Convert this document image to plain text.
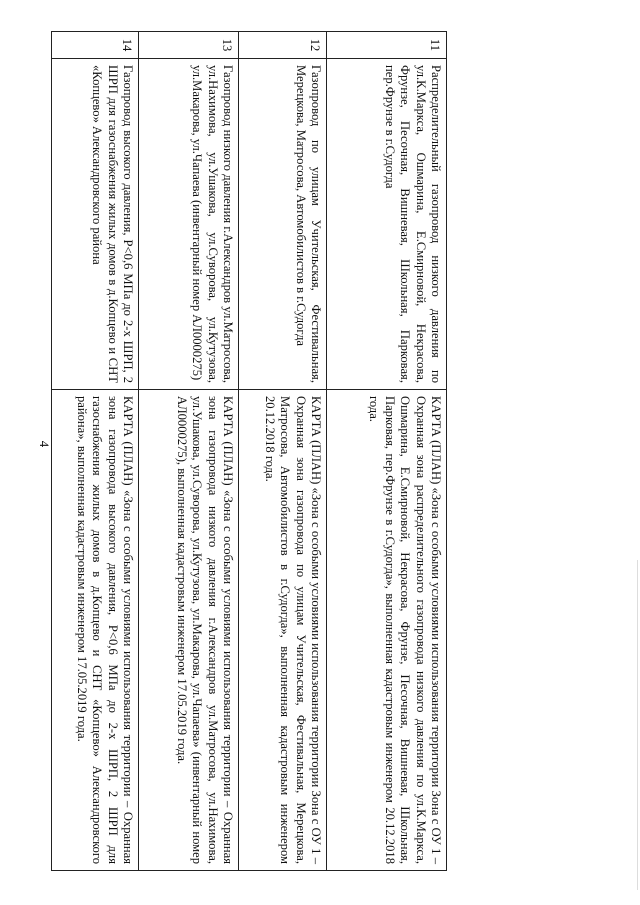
4
11	Распределительный газопровод низкого давления по ул.К.Маркса, Ошмарина, Е.Смирновой, Некрасова, Фрунзе, Песочная, Вишневая, Школьная, Парковая, пер.Фрунзе в г.Судогда	КАРТА (ПЛАН) «Зона с особыми условиями использования территории Зона с ОУ 1 – Охранная зона распределительного газопровода низкого давления по ул.К.Маркса, Ошмарина, Е.Смирновой, Некрасова, Фрунзе, Песочная, Вишневая, Школьная, Парковая, пер.Фрунзе в г.Судогда», выполненная кадастровым инженером 20.12.2018 года.
12	Газопровод по улицам Учительская, Фестивальная, Мерецкова, Матросова, Автомобилистов в г.Судогда	КАРТА (ПЛАН) «Зона с особыми условиями использования территории Зона с ОУ 1 – Охранная зона газопровода по улицам Учительская, Фестивальная, Мерецкова, Матросова, Автомобилистов в г.Судогда», выполненная кадастровым инженером 20.12.2018 года.
13	Газопровод низкого давления г.Александров ул.Матросова, ул.Нахимова, ул.Ушакова, ул.Суворова, ул.Кутузова, ул.Макарова, ул.Чапаева (инвентарный номер АЛ0000275)	КАРТА (ПЛАН) «Зона с особыми условиями использования территории – Охранная зона газопровода низкого давления г.Александров ул.Матросова, ул.Нахимова, ул.Ушакова, ул.Суворова, ул.Кутузова, ул.Макарова, ул.Чапаева» (инвентарный номер АЛ0000275), выполненная кадастровым инженером 17.05.2019 года.
14	Газопровод высокого давления, Р<0,6 МПа до 2-х ШРП, 2 ШРП для газоснабжения жилых домов в д.Копцево и СНТ «Копцево» Александровского района	КАРТА (ПЛАН) «Зона с особыми условиями использования территории – Охранная зона газопровода высокого давления, Р<0,6 МПа до 2-х ШРП, 2 ШРП для газоснабжения жилых домов в д.Копцево и СНТ «Копцево» Александровского района», выполненная кадастровым инженером 17.05.2019 года.
